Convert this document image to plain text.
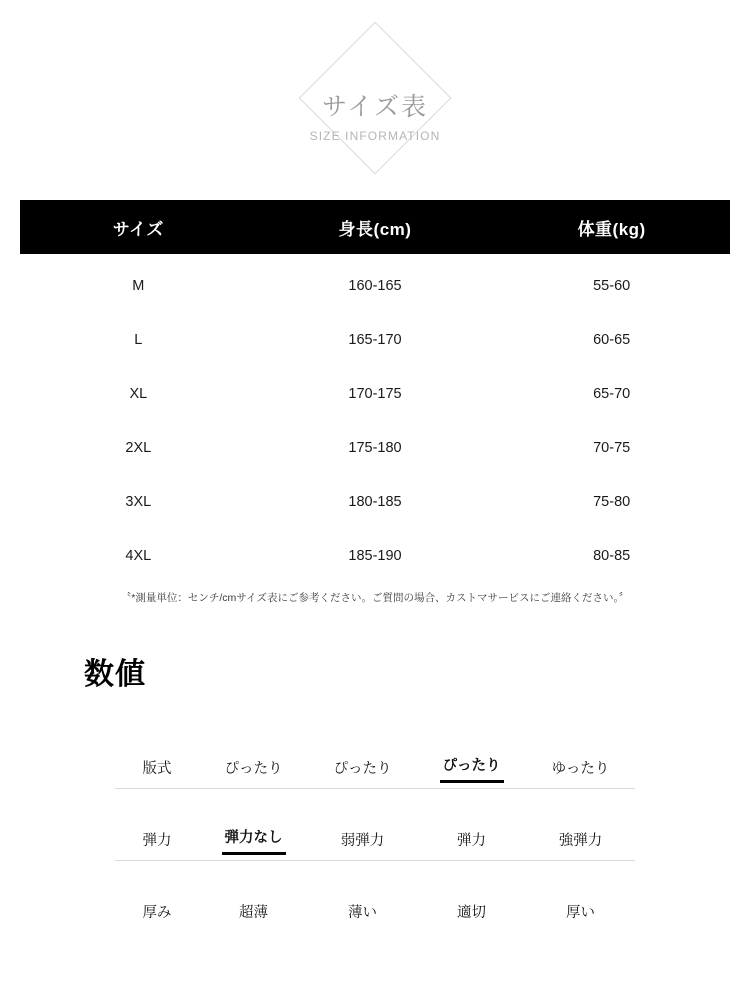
サイズ表
SIZE INFORMATION
サイズ	身長(cm)	体重(kg)
M	160-165	55-60
L	165-170	60-65
XL	170-175	65-70
2XL	175-180	70-75
3XL	180-185	75-80
4XL	185-190	80-85
〝*測量単位：センチ/cmサイズ表にご参考ください。ご質問の場合、カストマサービスにご連絡ください。〞
数値
版式	ぴったり	ぴったり	ぴったり	ゆったり
弾力	弾力なし	弱弾力	弾力	強弾力
厚み	超薄	薄い	適切	厚い
